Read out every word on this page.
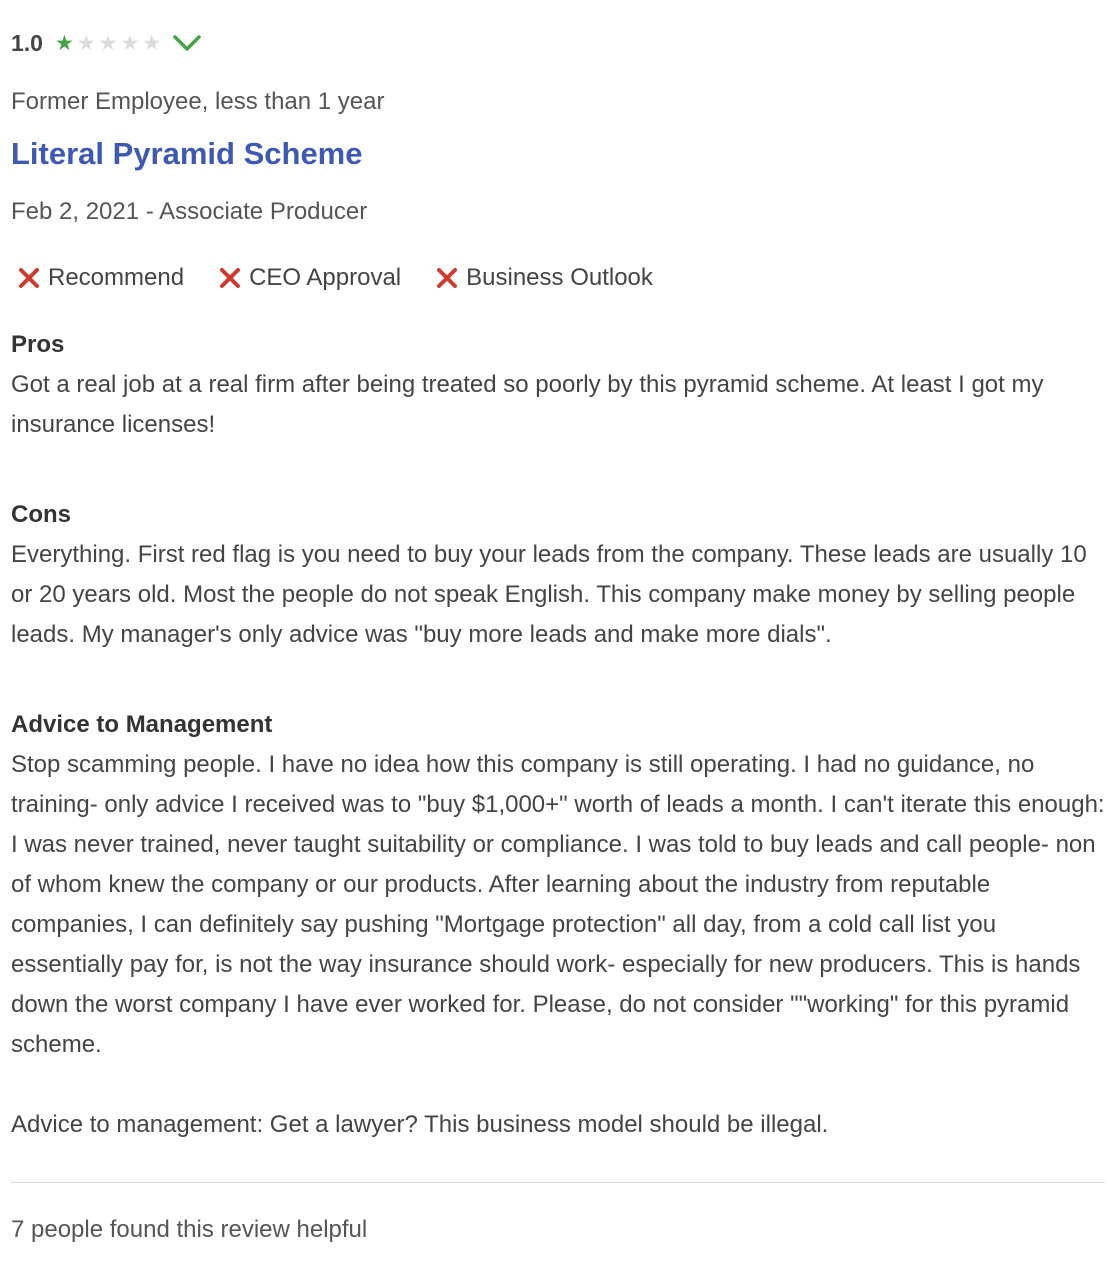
1.0 ★ ★ ★ ★ ★
Former Employee, less than 1 year
Literal Pyramid Scheme
Feb 2, 2021 - Associate Producer
Recommend	CEO Approval	Business Outlook
Pros

Got a real job at a real firm after being treated so poorly by this pyramid scheme. At least I got my insurance licenses!

Cons

Everything. First red flag is you need to buy your leads from the company. These leads are usually 10 or 20 years old. Most the people do not speak English. This company make money by selling people leads. My manager's only advice was "buy more leads and make more dials".

Advice to Management

Stop scamming people. I have no idea how this company is still operating. I had no guidance, no training- only advice I received was to "buy $1,000+" worth of leads a month. I can't iterate this enough: I was never trained, never taught suitability or compliance. I was told to buy leads and call people- non of whom knew the company or our products. After learning about the industry from reputable companies, I can definitely say pushing "Mortgage protection" all day, from a cold call list you essentially pay for, is not the way insurance should work- especially for new producers. This is hands down the worst company I have ever worked for. Please, do not consider ""working" for this pyramid scheme.

Advice to management: Get a lawyer? This business model should be illegal.

7 people found this review helpful
